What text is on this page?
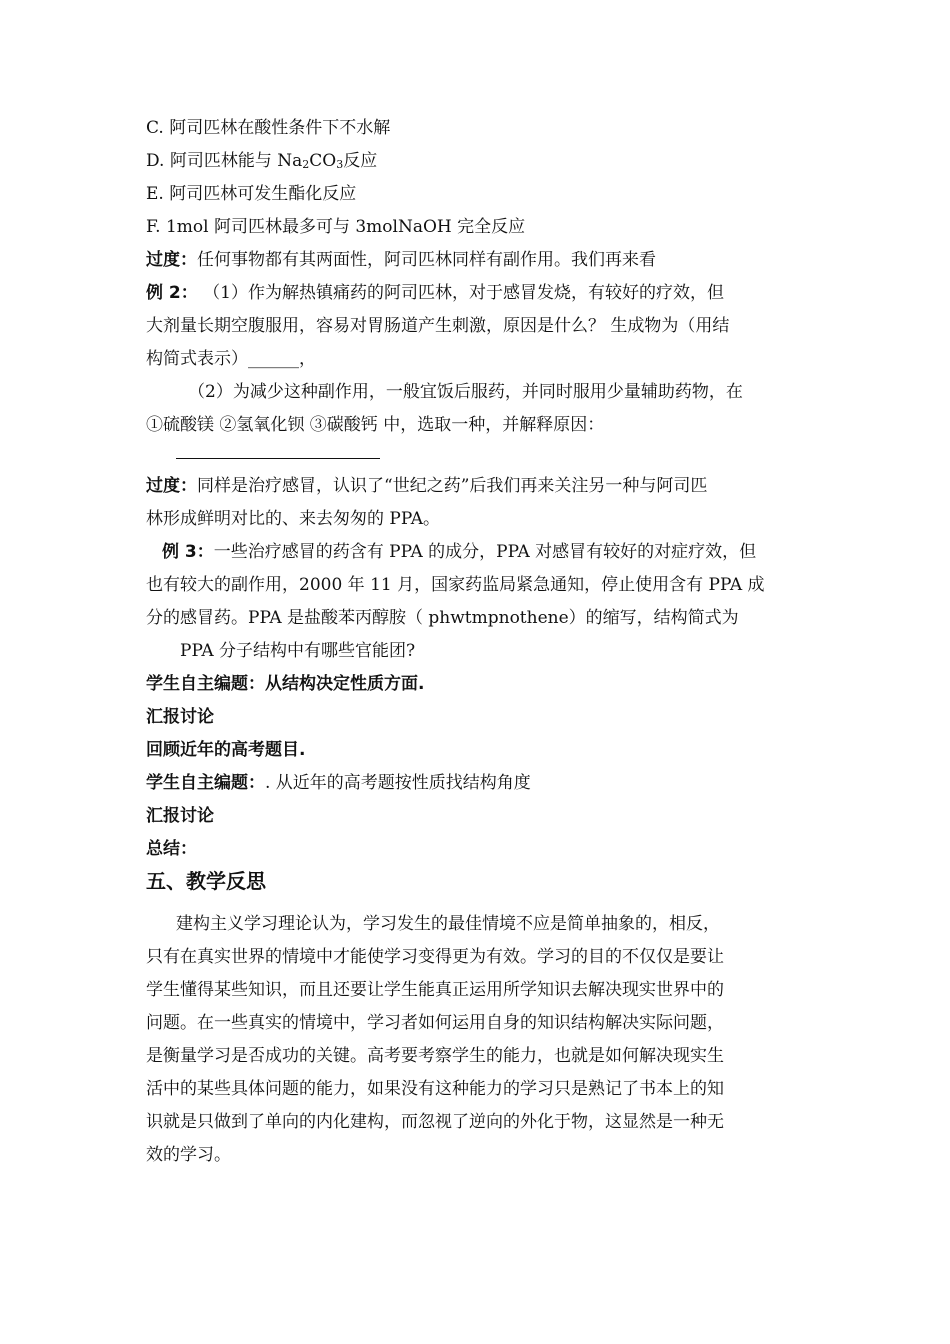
C. 阿司匹林在酸性条件下不水解
D. 阿司匹林能与 $Na_2CO_3$反应
E. 阿司匹林可发生酯化反应
F. 1mol 阿司匹林最多可与 3molNaOH 完全反应
过度：任何事物都有其两面性，阿司匹林同样有副作用。我们再来看
例 2： （1）作为解热镇痛药的阿司匹林，对于感冒发烧，有较好的疗效，但
大剂量长期空腹服用，容易对胃肠道产生刺激，原因是什么？ 生成物为（用结
构简式表示）______，
（2）为减少这种副作用，一般宜饭后服药，并同时服用少量辅助药物，在
①硫酸镁 ②氢氧化钡 ③碳酸钙 中，选取一种，并解释原因：
过度：同样是治疗感冒，认识了“世纪之药”后我们再来关注另一种与阿司匹
林形成鲜明对比的、来去匆匆的 PPA。
例 3：一些治疗感冒的药含有 PPA 的成分，PPA 对感冒有较好的对症疗效，但
也有较大的副作用，2000 年 11 月，国家药监局紧急通知，停止使用含有 PPA 成
分的感冒药。PPA 是盐酸苯丙醇胺（ phwtmpnothene）的缩写，结构简式为
PPA 分子结构中有哪些官能团?
学生自主编题：从结构决定性质方面.
汇报讨论
回顾近年的高考题目.
学生自主编题：. 从近年的高考题按性质找结构角度
汇报讨论
总结：
五、教学反思
建构主义学习理论认为，学习发生的最佳情境不应是简单抽象的，相反，
只有在真实世界的情境中才能使学习变得更为有效。学习的目的不仅仅是要让
学生懂得某些知识，而且还要让学生能真正运用所学知识去解决现实世界中的
问题。在一些真实的情境中，学习者如何运用自身的知识结构解决实际问题，
是衡量学习是否成功的关键。高考要考察学生的能力，也就是如何解决现实生
活中的某些具体问题的能力，如果没有这种能力的学习只是熟记了书本上的知
识就是只做到了单向的内化建构，而忽视了逆向的外化于物，这显然是一种无
效的学习。
